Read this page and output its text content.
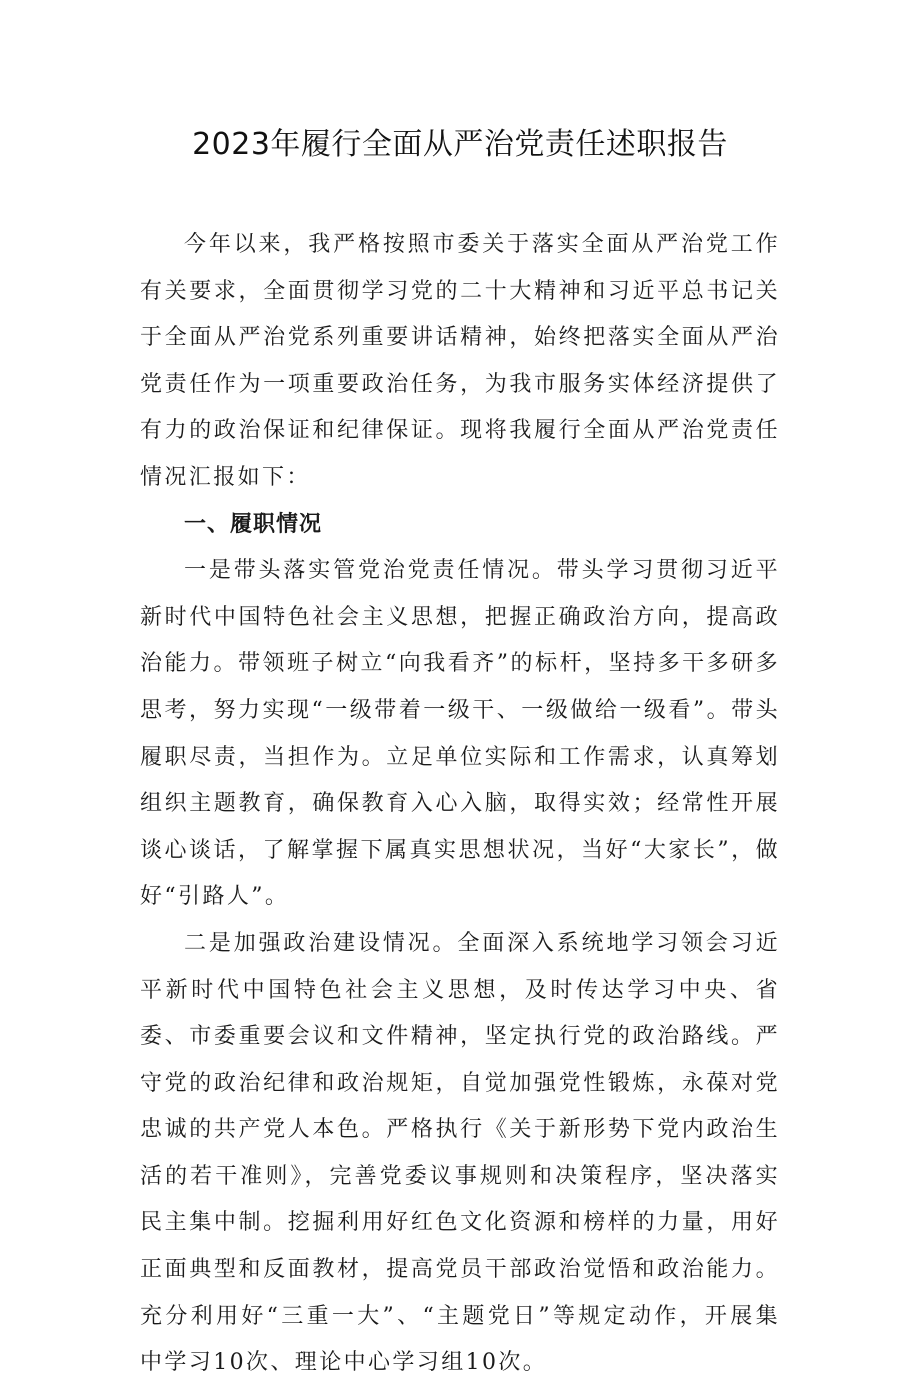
2023年履行全面从严治党责任述职报告

今年以来，我严格按照市委关于落实全面从严治党工作有关要求，全面贯彻学习党的二十大精神和习近平总书记关于全面从严治党系列重要讲话精神，始终把落实全面从严治党责任作为一项重要政治任务，为我市服务实体经济提供了有力的政治保证和纪律保证。现将我履行全面从严治党责任情况汇报如下：

一、履职情况

一是带头落实管党治党责任情况。带头学习贯彻习近平新时代中国特色社会主义思想，把握正确政治方向，提高政治能力。带领班子树立“向我看齐”的标杆，坚持多干多研多思考，努力实现“一级带着一级干、一级做给一级看”。带头履职尽责，当担作为。立足单位实际和工作需求，认真筹划组织主题教育，确保教育入心入脑，取得实效；经常性开展谈心谈话，了解掌握下属真实思想状况，当好“大家长”，做好“引路人”。

二是加强政治建设情况。全面深入系统地学习领会习近平新时代中国特色社会主义思想，及时传达学习中央、省委、市委重要会议和文件精神，坚定执行党的政治路线。严守党的政治纪律和政治规矩，自觉加强党性锻炼，永葆对党忠诚的共产党人本色。严格执行《关于新形势下党内政治生活的若干准则》，完善党委议事规则和决策程序，坚决落实民主集中制。挖掘利用好红色文化资源和榜样的力量，用好正面典型和反面教材，提高党员干部政治觉悟和政治能力。充分利用好“三重一大”、“主题党日”等规定动作，开展集中学习10次、理论中心学习组10次。
